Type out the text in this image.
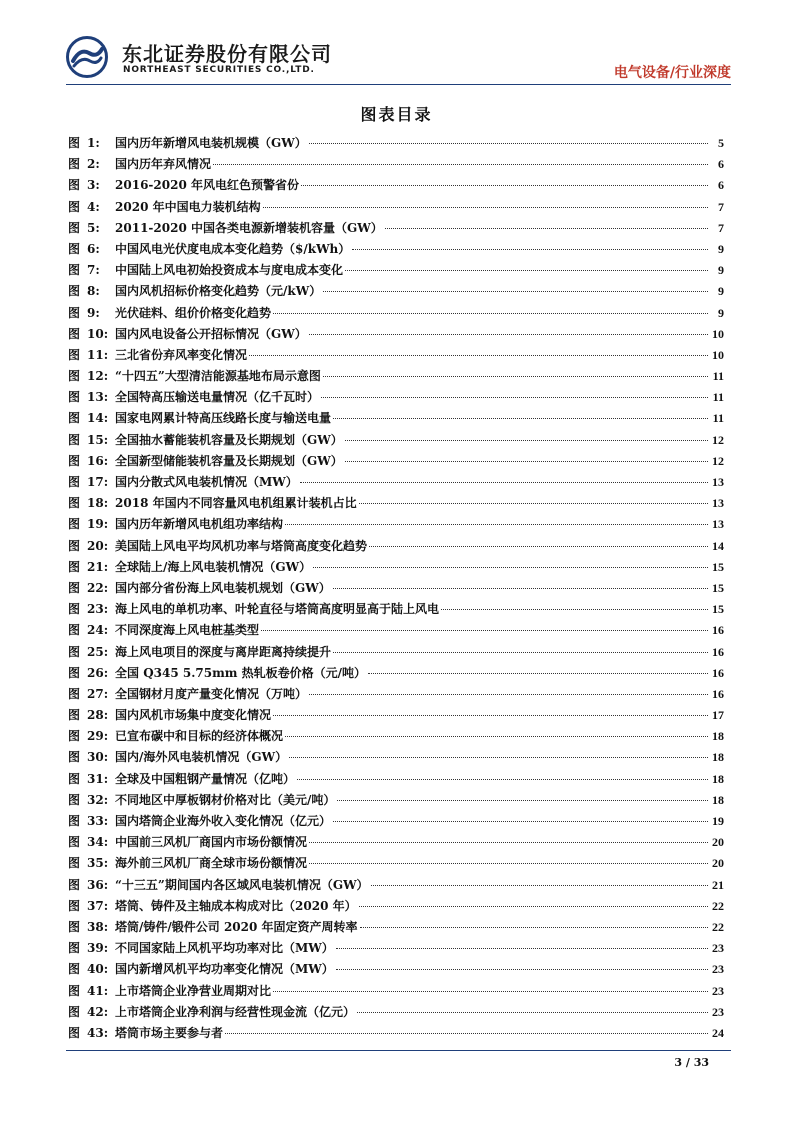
东北证券股份有限公司
NORTHEAST SECURITIES CO.,LTD.	电气设备/行业深度
图表目录
图 1:	国内历年新增风电装机规模（GW）	5
图 2:	国内历年弃风情况	6
图 3:	2016-2020 年风电红色预警省份	6
图 4:	2020 年中国电力装机结构	7
图 5:	2011-2020 中国各类电源新增装机容量（GW）	7
图 6:	中国风电光伏度电成本变化趋势（$/kWh）	9
图 7:	中国陆上风电初始投资成本与度电成本变化	9
图 8:	国内风机招标价格变化趋势（元/kW）	9
图 9:	光伏硅料、组价价格变化趋势	9
图 10: 国内风电设备公开招标情况（GW）	10
图 11: 三北省份弃风率变化情况	10
图 12: “十四五”大型清洁能源基地布局示意图	11
图 13: 全国特高压输送电量情况（亿千瓦时）	11
图 14: 国家电网累计特高压线路长度与输送电量	11
图 15: 全国抽水蓄能装机容量及长期规划（GW）	12
图 16: 全国新型储能装机容量及长期规划（GW）	12
图 17: 国内分散式风电装机情况（MW）	13
图 18: 2018 年国内不同容量风电机组累计装机占比	13
图 19: 国内历年新增风电机组功率结构	13
图 20: 美国陆上风电平均风机功率与塔筒高度变化趋势	14
图 21: 全球陆上/海上风电装机情况（GW）	15
图 22: 国内部分省份海上风电装机规划（GW）	15
图 23: 海上风电的单机功率、叶轮直径与塔筒高度明显高于陆上风电	15
图 24: 不同深度海上风电桩基类型	16
图 25: 海上风电项目的深度与离岸距离持续提升	16
图 26: 全国 Q345 5.75mm 热轧板卷价格（元/吨）	16
图 27: 全国钢材月度产量变化情况（万吨）	16
图 28: 国内风机市场集中度变化情况	17
图 29: 已宣布碳中和目标的经济体概况	18
图 30: 国内/海外风电装机情况（GW）	18
图 31: 全球及中国粗钢产量情况（亿吨）	18
图 32: 不同地区中厚板钢材价格对比（美元/吨）	18
图 33: 国内塔筒企业海外收入变化情况（亿元）	19
图 34: 中国前三风机厂商国内市场份额情况	20
图 35: 海外前三风机厂商全球市场份额情况	20
图 36: “十三五”期间国内各区域风电装机情况（GW）	21
图 37: 塔筒、铸件及主轴成本构成对比（2020 年）	22
图 38: 塔筒/铸件/锻件公司 2020 年固定资产周转率	22
图 39: 不同国家陆上风机平均功率对比（MW）	23
图 40: 国内新增风机平均功率变化情况（MW）	23
图 41: 上市塔筒企业净营业周期对比	23
图 42: 上市塔筒企业净利润与经营性现金流（亿元）	23
图 43: 塔筒市场主要参与者	24
3 / 33
